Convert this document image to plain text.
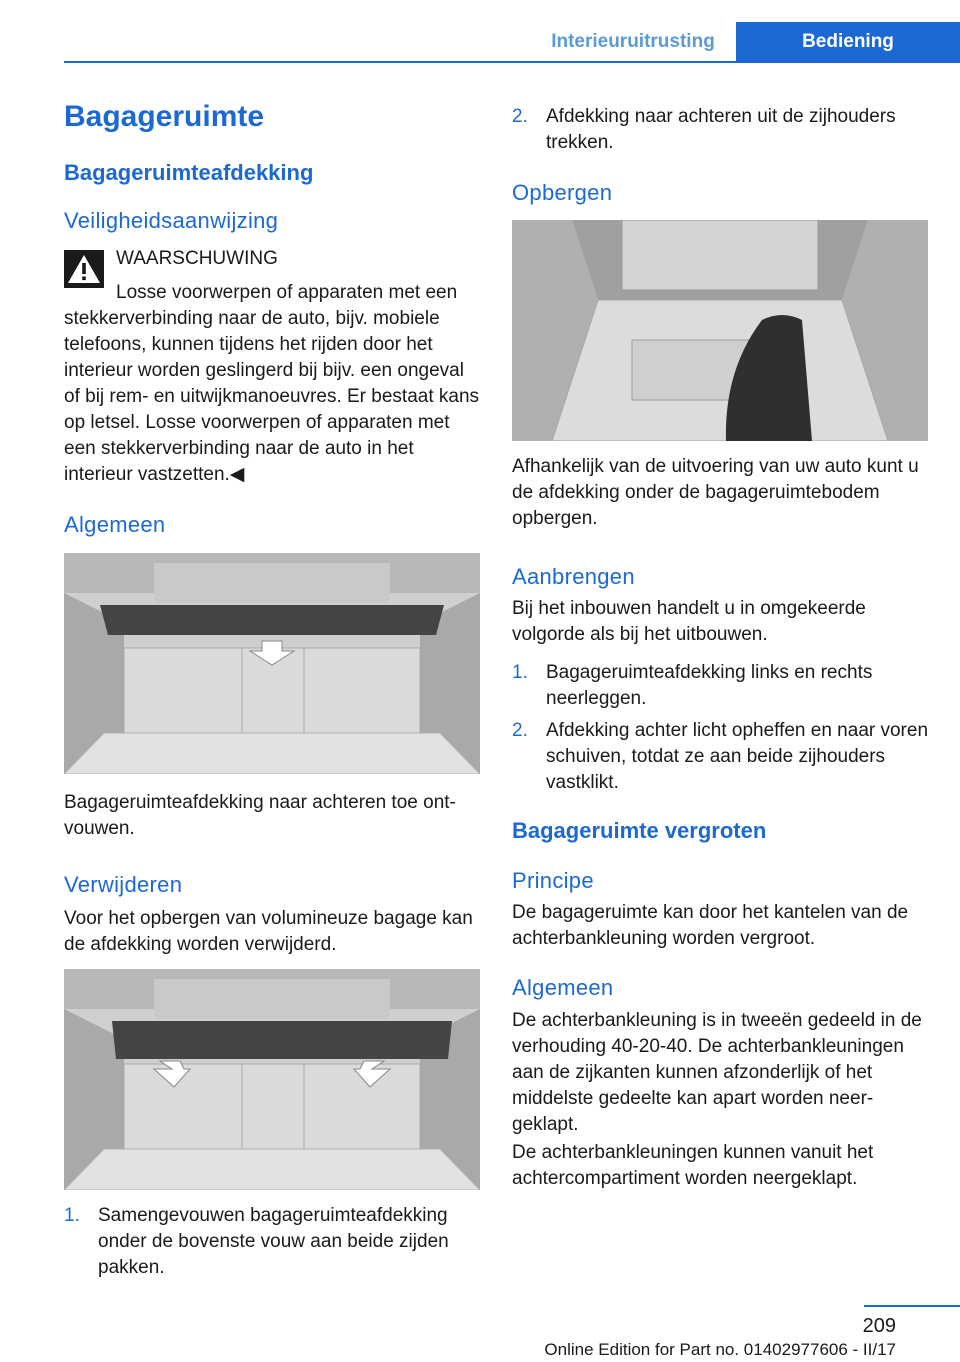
Interieuruitrusting	Bediening
Bagageruimte
Bagageruimteafdekking
Veiligheidsaanwijzing
WAARSCHUWING
Losse voorwerpen of apparaten met een stekkerverbinding naar de auto, bijv. mobiele telefoons, kunnen tijdens het rijden door het interieur worden geslingerd bij bijv. een ongeval of bij rem- en uitwijkmanoeuvres. Er bestaat kans op letsel. Losse voorwerpen of apparaten met een stekkerverbinding naar de auto in het interieur vastzetten.◀
Algemeen
Bagageruimteafdekking naar achteren toe ontvouwen.
Verwijderen
Voor het opbergen van volumineuze bagage kan de afdekking worden verwijderd.
1. Samengevouwen bagageruimteafdekking onder de bovenste vouw aan beide zijden pakken.
2. Afdekking naar achteren uit de zijhouders trekken.
Opbergen
Afhankelijk van de uitvoering van uw auto kunt u de afdekking onder de bagageruimtebodem opbergen.
Aanbrengen
Bij het inbouwen handelt u in omgekeerde volgorde als bij het uitbouwen.
1. Bagageruimteafdekking links en rechts neerleggen.
2. Afdekking achter licht opheffen en naar voren schuiven, totdat ze aan beide zijhouders vastklikt.
Bagageruimte vergroten
Principe
De bagageruimte kan door het kantelen van de achterbankleuning worden vergroot.
Algemeen
De achterbankleuning is in tweeën gedeeld in de verhouding 40-20-40. De achterbankleuningen aan de zijkanten kunnen afzonderlijk of het middelste gedeelte kan apart worden neergeklapt.
De achterbankleuningen kunnen vanuit het achtercompartiment worden neergeklapt.
209
Online Edition for Part no. 01402977606 - II/17
